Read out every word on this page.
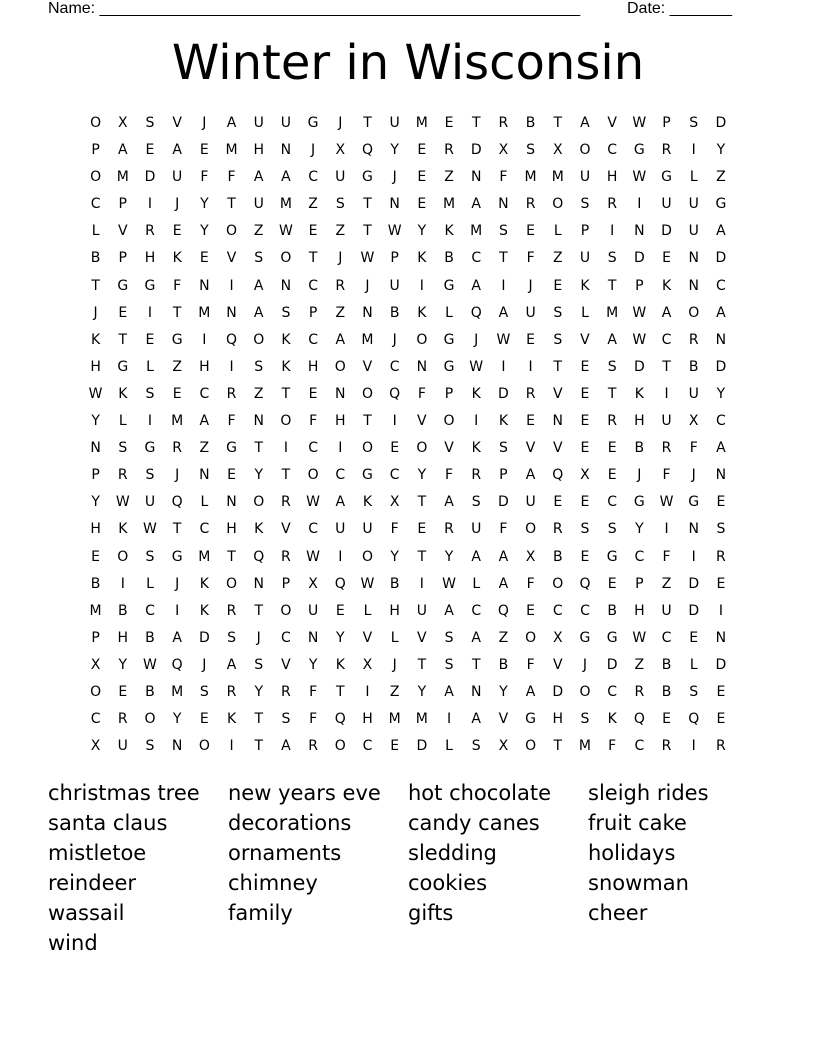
Name: ______________________________________________________	Date: _______
Winter in Wisconsin
O	X	S	V	J	A	U	U	G	J	T	U	M	E	T	R	B	T	A	V	W	P	S	D
P	A	E	A	E	M	H	N	J	X	Q	Y	E	R	D	X	S	X	O	C	G	R	I	Y
O	M	D	U	F	F	A	A	C	U	G	J	E	Z	N	F	M	M	U	H	W	G	L	Z
C	P	I	J	Y	T	U	M	Z	S	T	N	E	M	A	N	R	O	S	R	I	U	U	G
L	V	R	E	Y	O	Z	W	E	Z	T	W	Y	K	M	S	E	L	P	I	N	D	U	A
B	P	H	K	E	V	S	O	T	J	W	P	K	B	C	T	F	Z	U	S	D	E	N	D
T	G	G	F	N	I	A	N	C	R	J	U	I	G	A	I	J	E	K	T	P	K	N	C
J	E	I	T	M	N	A	S	P	Z	N	B	K	L	Q	A	U	S	L	M	W	A	O	A
K	T	E	G	I	Q	O	K	C	A	M	J	O	G	J	W	E	S	V	A	W	C	R	N
H	G	L	Z	H	I	S	K	H	O	V	C	N	G	W	I	I	T	E	S	D	T	B	D
W	K	S	E	C	R	Z	T	E	N	O	Q	F	P	K	D	R	V	E	T	K	I	U	Y
Y	L	I	M	A	F	N	O	F	H	T	I	V	O	I	K	E	N	E	R	H	U	X	C
N	S	G	R	Z	G	T	I	C	I	O	E	O	V	K	S	V	V	E	E	B	R	F	A
P	R	S	J	N	E	Y	T	O	C	G	C	Y	F	R	P	A	Q	X	E	J	F	J	N
Y	W	U	Q	L	N	O	R	W	A	K	X	T	A	S	D	U	E	E	C	G	W	G	E
H	K	W	T	C	H	K	V	C	U	U	F	E	R	U	F	O	R	S	S	Y	I	N	S
E	O	S	G	M	T	Q	R	W	I	O	Y	T	Y	A	A	X	B	E	G	C	F	I	R
B	I	L	J	K	O	N	P	X	Q	W	B	I	W	L	A	F	O	Q	E	P	Z	D	E
M	B	C	I	K	R	T	O	U	E	L	H	U	A	C	Q	E	C	C	B	H	U	D	I
P	H	B	A	D	S	J	C	N	Y	V	L	V	S	A	Z	O	X	G	G	W	C	E	N
X	Y	W	Q	J	A	S	V	Y	K	X	J	T	S	T	B	F	V	J	D	Z	B	L	D
O	E	B	M	S	R	Y	R	F	T	I	Z	Y	A	N	Y	A	D	O	C	R	B	S	E
C	R	O	Y	E	K	T	S	F	Q	H	M	M	I	A	V	G	H	S	K	Q	E	Q	E
X	U	S	N	O	I	T	A	R	O	C	E	D	L	S	X	O	T	M	F	C	R	I	R
christmas tree	new years eve	hot chocolate	sleigh rides
santa claus	decorations	candy canes	fruit cake
mistletoe	ornaments	sledding	holidays
reindeer	chimney	cookies	snowman
wassail	family	gifts	cheer
wind
